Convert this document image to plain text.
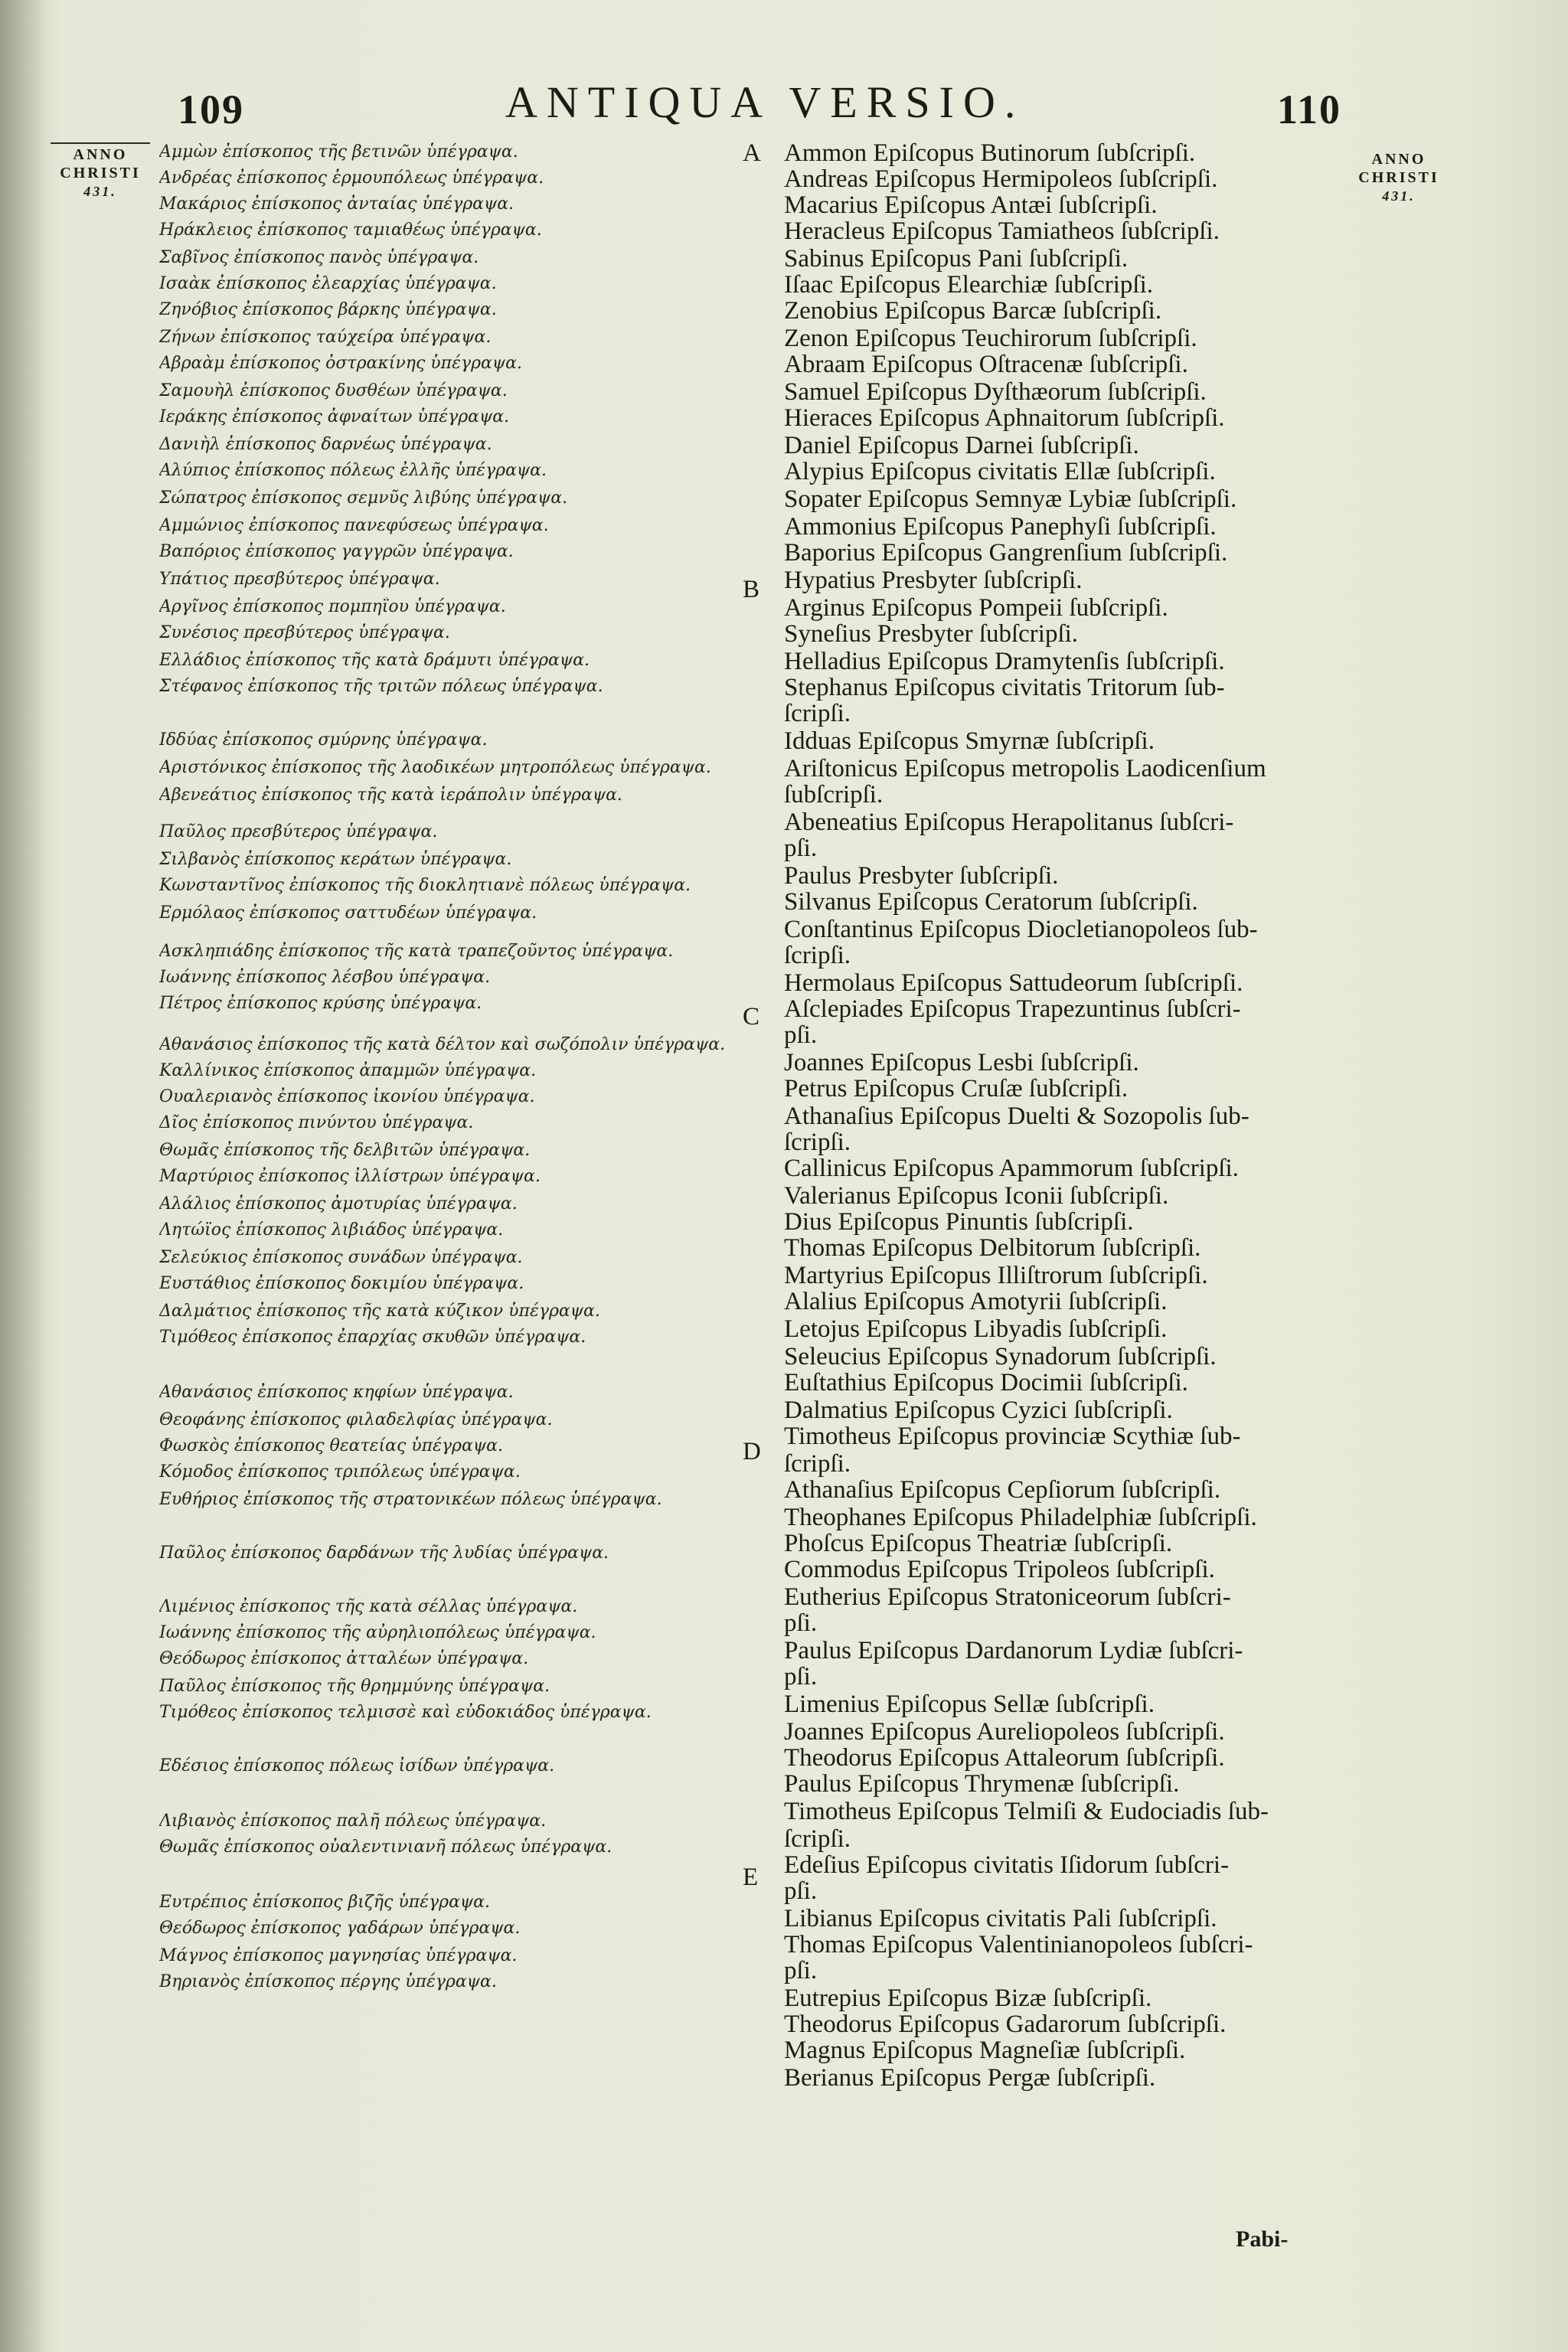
109	ANTIQUA VERSIO.	110
ANNO
CHRISTI
431.
ANNO
CHRISTI
431.
Αμμὼν ἐπίσκοπος τῆς βετινῶν ὑπέγραψα.
Ανδρέας ἐπίσκοπος ἑρμουπόλεως ὑπέγραψα.
Μακάριος ἐπίσκοπος ἀνταίας ὑπέγραψα.
Ηράκλειος ἐπίσκοπος ταμιαθέως ὑπέγραψα.
Σαβῖνος ἐπίσκοπος πανὸς ὑπέγραψα.
Ισαὰκ ἐπίσκοπος ἐλεαρχίας ὑπέγραψα.
Ζηνόβιος ἐπίσκοπος βάρκης ὑπέγραψα.
Ζήνων ἐπίσκοπος ταύχείρα ὑπέγραψα.
Αβραὰμ ἐπίσκοπος ὀστρακίνης ὑπέγραψα.
Σαμουὴλ ἐπίσκοπος δυσθέων ὑπέγραψα.
Ιεράκης ἐπίσκοπος ἀφναίτων ὑπέγραψα.
Δανιὴλ ἐπίσκοπος δαρνέως ὑπέγραψα.
Αλύπιος ἐπίσκοπος πόλεως ἐλλῆς ὑπέγραψα.
Σώπατρος ἐπίσκοπος σεμνῦς λιβύης ὑπέγραψα.
Αμμώνιος ἐπίσκοπος πανεφύσεως ὑπέγραψα.
Βαπόριος ἐπίσκοπος γαγγρῶν ὑπέγραψα.
Υπάτιος πρεσβύτερος ὑπέγραψα.
Αργῖνος ἐπίσκοπος πομπηΐου ὑπέγραψα.
Συνέσιος πρεσβύτερος ὑπέγραψα.
Ελλάδιος ἐπίσκοπος τῆς κατὰ δράμυτι ὑπέγραψα.
Στέφανος ἐπίσκοπος τῆς τριτῶν πόλεως ὑπέγραψα.
Ιδδύας ἐπίσκοπος σμύρνης ὑπέγραψα.
Αριστόνικος ἐπίσκοπος τῆς λαοδικέων μητροπόλεως ὑπέγραψα.
Αβενεάτιος ἐπίσκοπος τῆς κατὰ ἱεράπολιν ὑπέγραψα.
Παῦλος πρεσβύτερος ὑπέγραψα.
Σιλβανὸς ἐπίσκοπος κεράτων ὑπέγραψα.
Κωνσταντῖνος ἐπίσκοπος τῆς διοκλητιανὲ πόλεως ὑπέγραψα.
Ερμόλαος ἐπίσκοπος σαττυδέων ὑπέγραψα.
Ασκληπιάδης ἐπίσκοπος τῆς κατὰ τραπεζοῦντος ὑπέγραψα.
Ιωάννης ἐπίσκοπος λέσβου ὑπέγραψα.
Πέτρος ἐπίσκοπος κρύσης ὑπέγραψα.
Αθανάσιος ἐπίσκοπος τῆς κατὰ δέλτον καὶ σωζόπολιν ὑπέγραψα.
Καλλίνικος ἐπίσκοπος ἀπαμμῶν ὑπέγραψα.
Ουαλεριανὸς ἐπίσκοπος ἰκονίου ὑπέγραψα.
Δῖος ἐπίσκοπος πινύντου ὑπέγραψα.
Θωμᾶς ἐπίσκοπος τῆς δελβιτῶν ὑπέγραψα.
Μαρτύριος ἐπίσκοπος ἰλλίστρων ὑπέγραψα.
Αλάλιος ἐπίσκοπος ἀμοτυρίας ὑπέγραψα.
Λητώϊος ἐπίσκοπος λιβιάδος ὑπέγραψα.
Σελεύκιος ἐπίσκοπος συνάδων ὑπέγραψα.
Ευστάθιος ἐπίσκοπος δοκιμίου ὑπέγραψα.
Δαλμάτιος ἐπίσκοπος τῆς κατὰ κύζικον ὑπέγραψα.
Τιμόθεος ἐπίσκοπος ἐπαρχίας σκυθῶν ὑπέγραψα.
Αθανάσιος ἐπίσκοπος κηφίων ὑπέγραψα.
Θεοφάνης ἐπίσκοπος φιλαδελφίας ὑπέγραψα.
Φωσκὸς ἐπίσκοπος θεατείας ὑπέγραψα.
Κόμοδος ἐπίσκοπος τριπόλεως ὑπέγραψα.
Ευθήριος ἐπίσκοπος τῆς στρατονικέων πόλεως ὑπέγραψα.
Παῦλος ἐπίσκοπος δαρδάνων τῆς λυδίας ὑπέγραψα.
Λιμένιος ἐπίσκοπος τῆς κατὰ σέλλας ὑπέγραψα.
Ιωάννης ἐπίσκοπος τῆς αὐρηλιοπόλεως ὑπέγραψα.
Θεόδωρος ἐπίσκοπος ἀτταλέων ὑπέγραψα.
Παῦλος ἐπίσκοπος τῆς θρημμύνης ὑπέγραψα.
Τιμόθεος ἐπίσκοπος τελμισσὲ καὶ εὐδοκιάδος ὑπέγραψα.
Εδέσιος ἐπίσκοπος πόλεως ἰσίδων ὑπέγραψα.
Λιβιανὸς ἐπίσκοπος παλῆ πόλεως ὑπέγραψα.
Θωμᾶς ἐπίσκοπος οὐαλεντινιανῆ πόλεως ὑπέγραψα.
Ευτρέπιος ἐπίσκοπος βιζῆς ὑπέγραψα.
Θεόδωρος ἐπίσκοπος γαδάρων ὑπέγραψα.
Μάγνος ἐπίσκοπος μαγνησίας ὑπέγραψα.
Βηριανὸς ἐπίσκοπος πέργης ὑπέγραψα.
Ammon Epiſcopus Butinorum ſubſcripſi.
Andreas Epiſcopus Hermipoleos ſubſcripſi.
Macarius Epiſcopus Antæi ſubſcripſi.
Heracleus Epiſcopus Tamiatheos ſubſcripſi.
Sabinus Epiſcopus Pani ſubſcripſi.
Iſaac Epiſcopus Elearchiæ ſubſcripſi.
Zenobius Epiſcopus Barcæ ſubſcripſi.
Zenon Epiſcopus Teuchirorum ſubſcripſi.
Abraam Epiſcopus Oſtracenæ ſubſcripſi.
Samuel Epiſcopus Dyſthæorum ſubſcripſi.
Hieraces Epiſcopus Aphnaitorum ſubſcripſi.
Daniel Epiſcopus Darnei ſubſcripſi.
Alypius Epiſcopus civitatis Ellæ ſubſcripſi.
Sopater Epiſcopus Semnyæ Lybiæ ſubſcripſi.
Ammonius Epiſcopus Panephyſi ſubſcripſi.
Baporius Epiſcopus Gangrenſium ſubſcripſi.
Hypatius Presbyter ſubſcripſi.
Arginus Epiſcopus Pompeii ſubſcripſi.
Syneſius Presbyter ſubſcripſi.
Helladius Epiſcopus Dramytenſis ſubſcripſi.
Stephanus Epiſcopus civitatis Tritorum ſub-
ſcripſi.
Idduas Epiſcopus Smyrnæ ſubſcripſi.
Ariſtonicus Epiſcopus metropolis Laodicenſium
ſubſcripſi.
Abeneatius Epiſcopus Herapolitanus ſubſcri-
pſi.
Paulus Presbyter ſubſcripſi.
Silvanus Epiſcopus Ceratorum ſubſcripſi.
Conſtantinus Epiſcopus Diocletianopoleos ſub-
ſcripſi.
Hermolaus Epiſcopus Sattudeorum ſubſcripſi.
Aſclepiades Epiſcopus Trapezuntinus ſubſcri-
pſi.
Joannes Epiſcopus Lesbi ſubſcripſi.
Petrus Epiſcopus Cruſæ ſubſcripſi.
Athanaſius Epiſcopus Duelti & Sozopolis ſub-
ſcripſi.
Callinicus Epiſcopus Apammorum ſubſcripſi.
Valerianus Epiſcopus Iconii ſubſcripſi.
Dius Epiſcopus Pinuntis ſubſcripſi.
Thomas Epiſcopus Delbitorum ſubſcripſi.
Martyrius Epiſcopus Illiſtrorum ſubſcripſi.
Alalius Epiſcopus Amotyrii ſubſcripſi.
Letojus Epiſcopus Libyadis ſubſcripſi.
Seleucius Epiſcopus Synadorum ſubſcripſi.
Euſtathius Epiſcopus Docimii ſubſcripſi.
Dalmatius Epiſcopus Cyzici ſubſcripſi.
Timotheus Epiſcopus provinciæ Scythiæ ſub-
ſcripſi.
Athanaſius Epiſcopus Cepſiorum ſubſcripſi.
Theophanes Epiſcopus Philadelphiæ ſubſcripſi.
Phoſcus Epiſcopus Theatriæ ſubſcripſi.
Commodus Epiſcopus Tripoleos ſubſcripſi.
Eutherius Epiſcopus Stratoniceorum ſubſcri-
pſi.
Paulus Epiſcopus Dardanorum Lydiæ ſubſcri-
pſi.
Limenius Epiſcopus Sellæ ſubſcripſi.
Joannes Epiſcopus Aureliopoleos ſubſcripſi.
Theodorus Epiſcopus Attaleorum ſubſcripſi.
Paulus Epiſcopus Thrymenæ ſubſcripſi.
Timotheus Epiſcopus Telmiſi & Eudociadis ſub-
ſcripſi.
Edeſius Epiſcopus civitatis Iſidorum ſubſcri-
pſi.
Libianus Epiſcopus civitatis Pali ſubſcripſi.
Thomas Epiſcopus Valentinianopoleos ſubſcri-
pſi.
Eutrepius Epiſcopus Bizæ ſubſcripſi.
Theodorus Epiſcopus Gadarorum ſubſcripſi.
Magnus Epiſcopus Magneſiæ ſubſcripſi.
Berianus Epiſcopus Pergæ ſubſcripſi.
A
B
C
D
E
Pabi-
